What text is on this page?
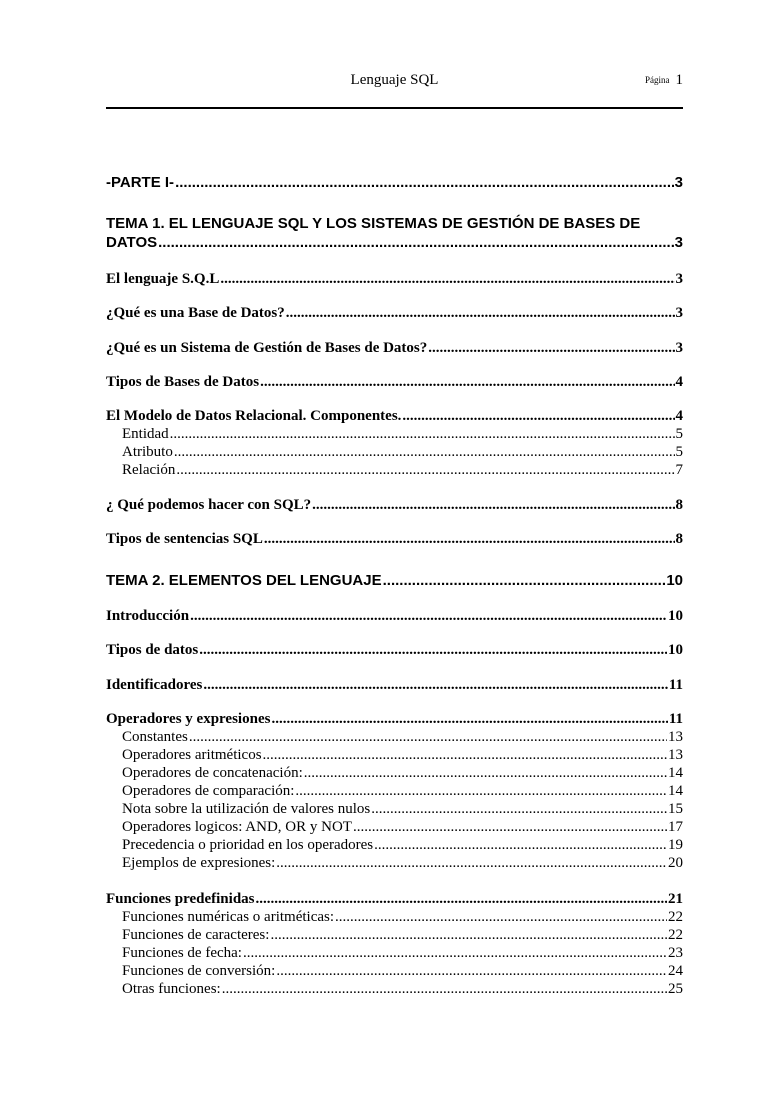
Lenguaje SQL	Página 1
-PARTE I- .....	3
TEMA 1. EL LENGUAJE SQL Y LOS SISTEMAS DE GESTIÓN DE BASES DE
DATOS .....	3
El lenguaje S.Q.L .....	3
¿Qué es una Base de Datos? .....	3
¿Qué es un Sistema de Gestión de Bases de Datos? .....	3
Tipos de Bases de Datos .....	4
El Modelo de Datos Relacional. Componentes. .....	4
Entidad .....	5
Atributo .....	5
Relación .....	7
¿ Qué podemos hacer con SQL? .....	8
Tipos de sentencias SQL .....	8
TEMA 2. ELEMENTOS DEL LENGUAJE .....	10
Introducción .....	10
Tipos de datos .....	10
Identificadores .....	11
Operadores y expresiones .....	11
Constantes .....	13
Operadores aritméticos .....	13
Operadores de concatenación: .....	14
Operadores de comparación: .....	14
Nota sobre la utilización de valores nulos .....	15
Operadores logicos: AND, OR y NOT .....	17
Precedencia o prioridad en los operadores .....	19
Ejemplos de expresiones: .....	20
Funciones predefinidas .....	21
Funciones numéricas o aritméticas: .....	22
Funciones de caracteres: .....	22
Funciones de fecha: .....	23
Funciones de conversión: .....	24
Otras funciones: .....	25
